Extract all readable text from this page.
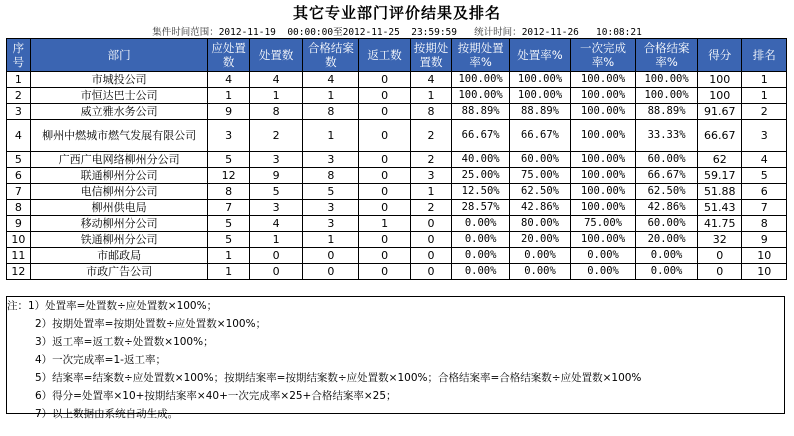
其它专业部门评价结果及排名
集件时间范围：2012-11-19  00:00:00至2012-11-25  23:59:59 统计时间：2012-11-26   10:08:21
序号	部门	应处置数	处置数	合格结案数	返工数	按期处置数	按期处置率%	处置率%	一次完成率%	合格结案率%	得分	排名
1	市城投公司	4	4	4	0	4	100.00%	100.00%	100.00%	100.00%	100	1
2	市恒达巴士公司	1	1	1	0	1	100.00%	100.00%	100.00%	100.00%	100	1
3	威立雅水务公司	9	8	8	0	8	88.89%	88.89%	100.00%	88.89%	91.67	2
4	柳州中燃城市燃气发展有限公司	3	2	1	0	2	66.67%	66.67%	100.00%	33.33%	66.67	3
5	广西广电网络柳州分公司	5	3	3	0	2	40.00%	60.00%	100.00%	60.00%	62	4
6	联通柳州分公司	12	9	8	0	3	25.00%	75.00%	100.00%	66.67%	59.17	5
7	电信柳州分公司	8	5	5	0	1	12.50%	62.50%	100.00%	62.50%	51.88	6
8	柳州供电局	7	3	3	0	2	28.57%	42.86%	100.00%	42.86%	51.43	7
9	移动柳州分公司	5	4	3	1	0	0.00%	80.00%	75.00%	60.00%	41.75	8
10	铁通柳州分公司	5	1	1	0	0	0.00%	20.00%	100.00%	20.00%	32	9
11	市邮政局	1	0	0	0	0	0.00%	0.00%	0.00%	0.00%	0	10
12	市政广告公司	1	0	0	0	0	0.00%	0.00%	0.00%	0.00%	0	10
注：1）处置率=处置数÷应处置数×100%；
2）按期处置率=按期处置数÷应处置数×100%；
3）返工率=返工数÷处置数×100%；
4）一次完成率=1-返工率；
5）结案率=结案数÷应处置数×100%；按期结案率=按期结案数÷应处置数×100%；合格结案率=合格结案数÷应处置数×100%
6）得分=处置率×10+按期结案率×40+一次完成率×25+合格结案率×25；
7）以上数据由系统自动生成。
